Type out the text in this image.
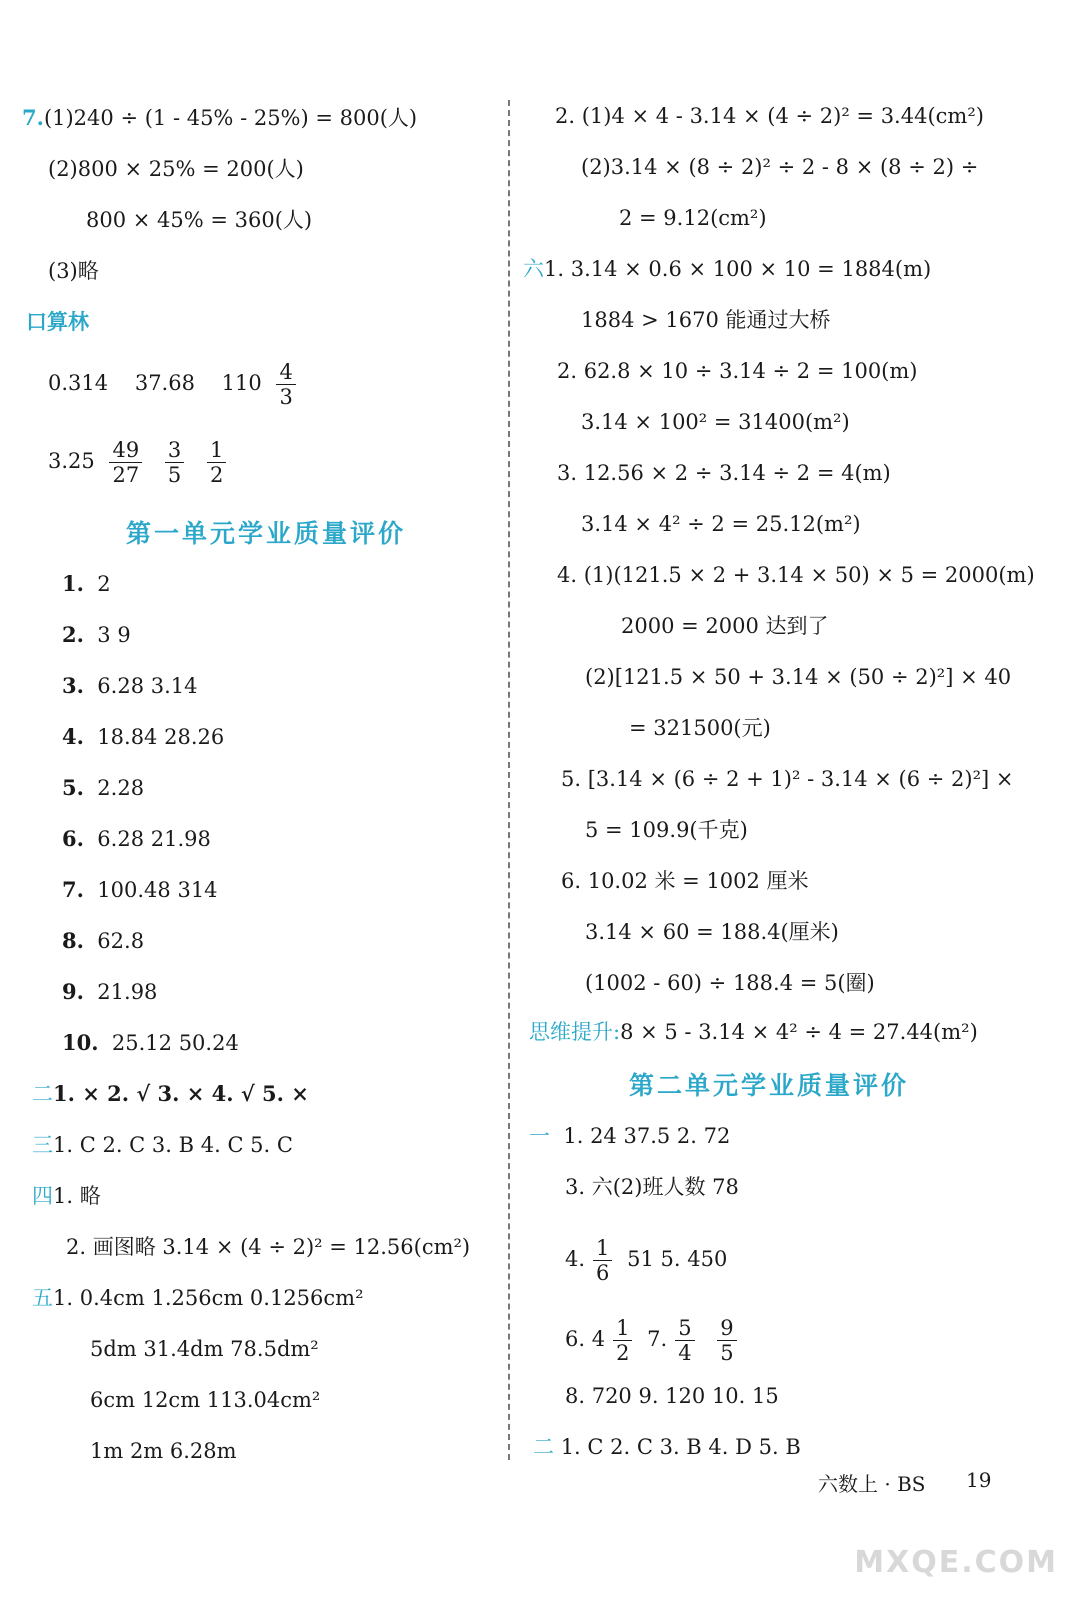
7.(1)240 ÷ (1 - 45% - 25%) = 800(人)
(2)800 × 25% = 200(人)
800 × 45% = 360(人)
(3)略
口算林
0.314 37.68 $110 \frac{4}{3}$
$3.25 \frac{49}{27}$
$\frac{3}{5}$
$\frac{1}{2}$
第一单元学业质量评价
1. 2
2. 3 9
3. 6.28 3.14
4. 18.84 28.26
5. 2.28
6. 6.28 21.98
7. 100.48 314
8. 62.8
9. 21.98
10. 25.12 50.24
二1. × 2. √ 3. × 4. √ 5. ×
三1. C 2. C 3. B 4. C 5. C
四1. 略
2. 画图略 3.14 × (4 ÷ 2)² = 12.56(cm²)
五1. 0.4cm 1.256cm 0.1256cm²
5dm 31.4dm 78.5dm²
6cm 12cm 113.04cm²
1m 2m 6.28m
2. (1)4 × 4 - 3.14 × (4 ÷ 2)² = 3.44(cm²)
(2)3.14 × (8 ÷ 2)² ÷ 2 - 8 × (8 ÷ 2) ÷
2 = 9.12(cm²)
六1. 3.14 × 0.6 × 100 × 10 = 1884(m)
1884 > 1670 能通过大桥
2. 62.8 × 10 ÷ 3.14 ÷ 2 = 100(m)
3.14 × 100² = 31400(m²)
3. 12.56 × 2 ÷ 3.14 ÷ 2 = 4(m)
3.14 × 4² ÷ 2 = 25.12(m²)
4. (1)(121.5 × 2 + 3.14 × 50) × 5 = 2000(m)
2000 = 2000 达到了
(2)[121.5 × 50 + 3.14 × (50 ÷ 2)²] × 40
= 321500(元)
5. [3.14 × (6 ÷ 2 + 1)² - 3.14 × (6 ÷ 2)²] ×
5 = 109.9(千克)
6. 10.02 米 = 1002 厘米
3.14 × 60 = 188.4(厘米)
(1002 - 60) ÷ 188.4 = 5(圈)
思维提升:8 × 5 - 3.14 × 4² ÷ 4 = 27.44(m²)
第二单元学业质量评价
一 1. 24 37.5 2. 72
3. 六(2)班人数 78
4. $\frac{1}{6} 51$ 5. 450
6. $4 \frac{1}{2} 7$. $\frac{5}{4}$
$\frac{9}{5}$
8. 720 9. 120 10. 15
二 1. C 2. C 3. B 4. D 5. B
六数上 · BS 19
MXQE.COM
